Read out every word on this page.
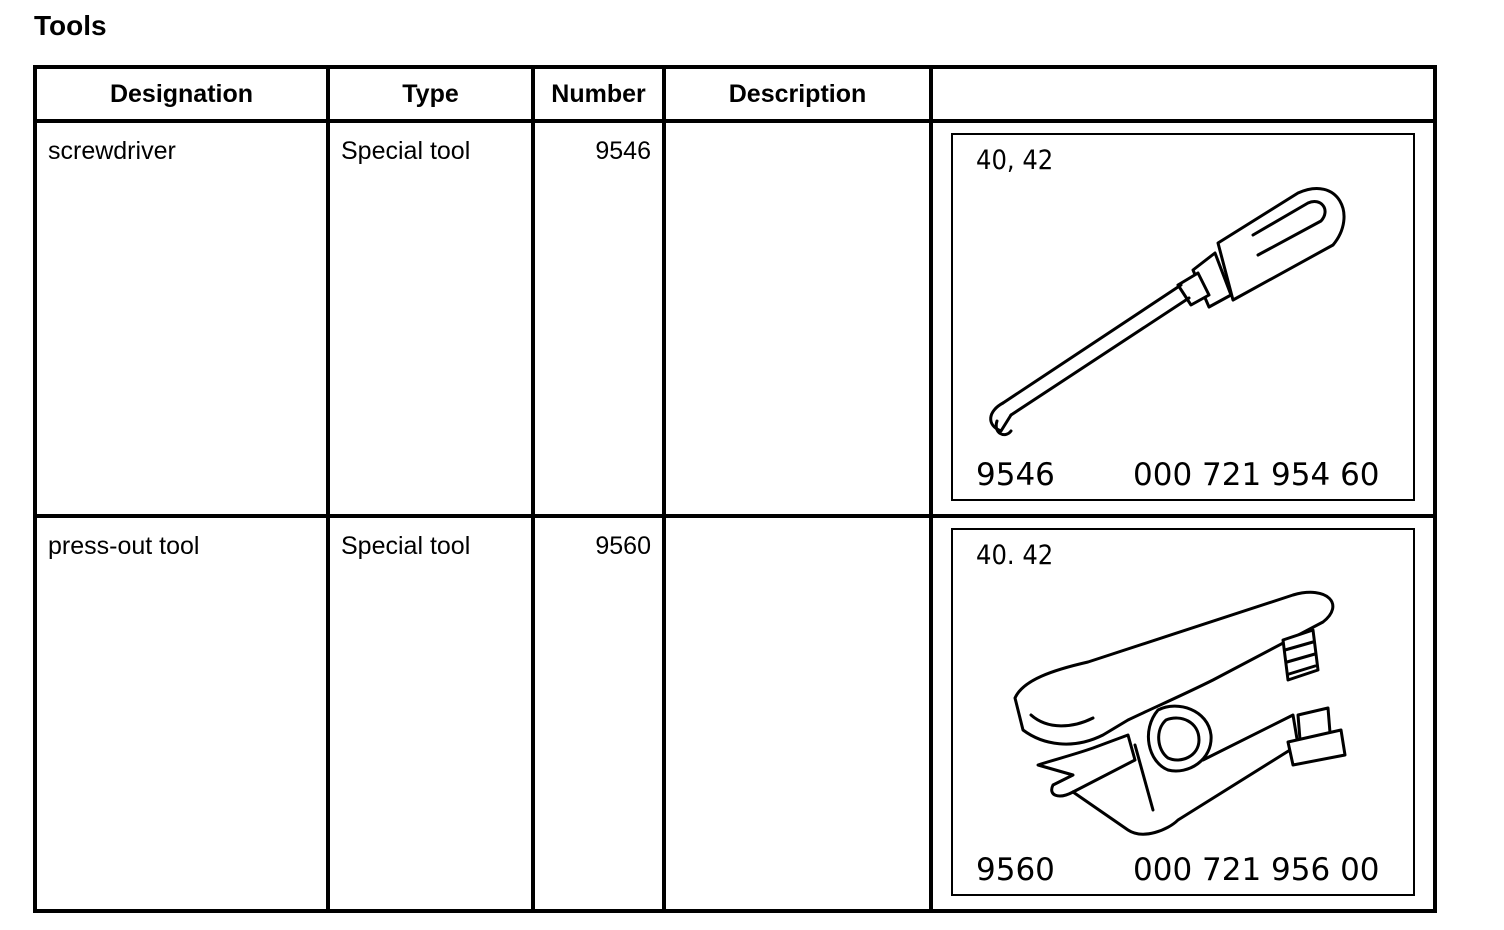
Tools
Designation	Type	Number	Description	

screwdriver	Special tool	9546		40, 42
9546 000 721 954 60

press-out tool	Special tool	9560		40. 42
9560 000 721 956 00
